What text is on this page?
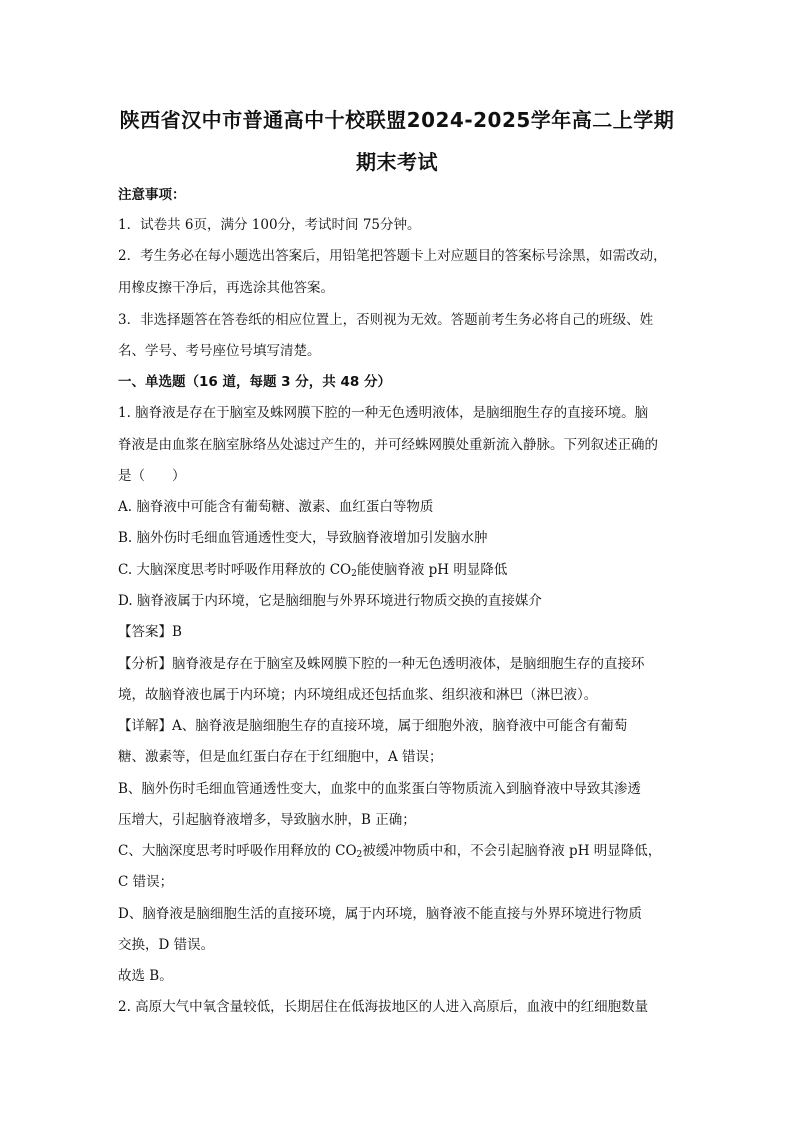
陕西省汉中市普通高中十校联盟2024-2025学年高二上学期
期末考试
注意事项：
1．试卷共 6页，满分 100分，考试时间 75分钟。
2．考生务必在每小题选出答案后，用铅笔把答题卡上对应题目的答案标号涂黑，如需改动，
用橡皮擦干净后，再选涂其他答案。
3．非选择题答在答卷纸的相应位置上，否则视为无效。答题前考生务必将自己的班级、姓
名、学号、考号座位号填写清楚。
一、单选题（16 道，每题 3 分，共 48 分）
1. 脑脊液是存在于脑室及蛛网膜下腔的一种无色透明液体，是脑细胞生存的直接环境。脑
脊液是由血浆在脑室脉络丛处滤过产生的，并可经蛛网膜处重新流入静脉。下列叙述正确的
是（　　）
A. 脑脊液中可能含有葡萄糖、激素、血红蛋白等物质
B. 脑外伤时毛细血管通透性变大，导致脑脊液增加引发脑水肿
C. 大脑深度思考时呼吸作用释放的 $CO_2$能使脑脊液 pH 明显降低
D. 脑脊液属于内环境，它是脑细胞与外界环境进行物质交换的直接媒介
【答案】B
【分析】脑脊液是存在于脑室及蛛网膜下腔的一种无色透明液体，是脑细胞生存的直接环
境，故脑脊液也属于内环境；内环境组成还包括血浆、组织液和淋巴（淋巴液）。
【详解】A、脑脊液是脑细胞生存的直接环境，属于细胞外液，脑脊液中可能含有葡萄
糖、激素等，但是血红蛋白存在于红细胞中，A 错误；
B、脑外伤时毛细血管通透性变大，血浆中的血浆蛋白等物质流入到脑脊液中导致其渗透
压增大，引起脑脊液增多，导致脑水肿，B 正确；
C、大脑深度思考时呼吸作用释放的 $CO_2$被缓冲物质中和，不会引起脑脊液 pH 明显降低，
C 错误；
D、脑脊液是脑细胞生活的直接环境，属于内环境，脑脊液不能直接与外界环境进行物质
交换，D 错误。
故选 B。
2. 高原大气中氧含量较低，长期居住在低海拔地区的人进入高原后，血液中的红细胞数量
